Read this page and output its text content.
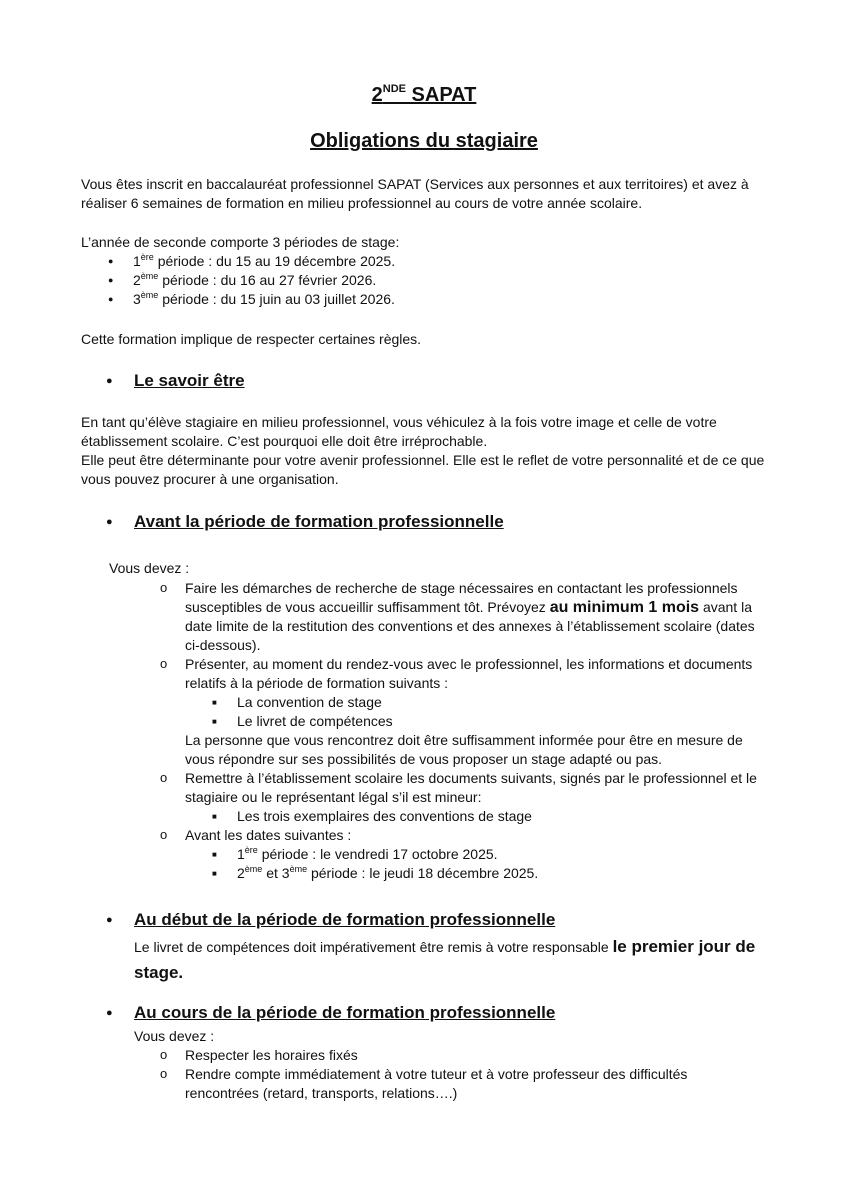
2NDE SAPAT
Obligations du stagiaire

Vous êtes inscrit en baccalauréat professionnel SAPAT (Services aux personnes et aux territoires) et avez à réaliser 6 semaines de formation en milieu professionnel au cours de votre année scolaire.

L’année de seconde comporte 3 périodes de stage:

● 1ère période : du 15 au 19 décembre 2025.
● 2ème période : du 16 au 27 février 2026.
● 3ème période : du 15 juin au 03 juillet 2026.

Cette formation implique de respecter certaines règles.

● Le savoir être

En tant qu’élève stagiaire en milieu professionnel, vous véhiculez à la fois votre image et celle de votre établissement scolaire. C’est pourquoi elle doit être irréprochable.

Elle peut être déterminante pour votre avenir professionnel. Elle est le reflet de votre personnalité et de ce que vous pouvez procurer à une organisation.

● Avant la période de formation professionnelle

Vous devez :

o Faire les démarches de recherche de stage nécessaires en contactant les professionnels susceptibles de vous accueillir suffisamment tôt. Prévoyez au minimum 1 mois avant la date limite de la restitution des conventions et des annexes à l’établissement scolaire (dates ci-dessous).
o Présenter, au moment du rendez-vous avec le professionnel, les informations et documents relatifs à la période de formation suivants :
■ La convention de stage
■ Le livret de compétences

La personne que vous rencontrez doit être suffisamment informée pour être en mesure de vous répondre sur ses possibilités de vous proposer un stage adapté ou pas.

o Remettre à l’établissement scolaire les documents suivants, signés par le professionnel et le stagiaire ou le représentant légal s’il est mineur:
■ Les trois exemplaires des conventions de stage
o Avant les dates suivantes :
■ 1ère période : le vendredi 17 octobre 2025.
■ 2ème et 3ème période : le jeudi 18 décembre 2025.
● Au début de la période de formation professionnelle

Le livret de compétences doit impérativement être remis à votre responsable le premier jour de stage.

● Au cours de la période de formation professionnelle

Vous devez :

o Respecter les horaires fixés
o Rendre compte immédiatement à votre tuteur et à votre professeur des difficultés rencontrées (retard, transports, relations….)
